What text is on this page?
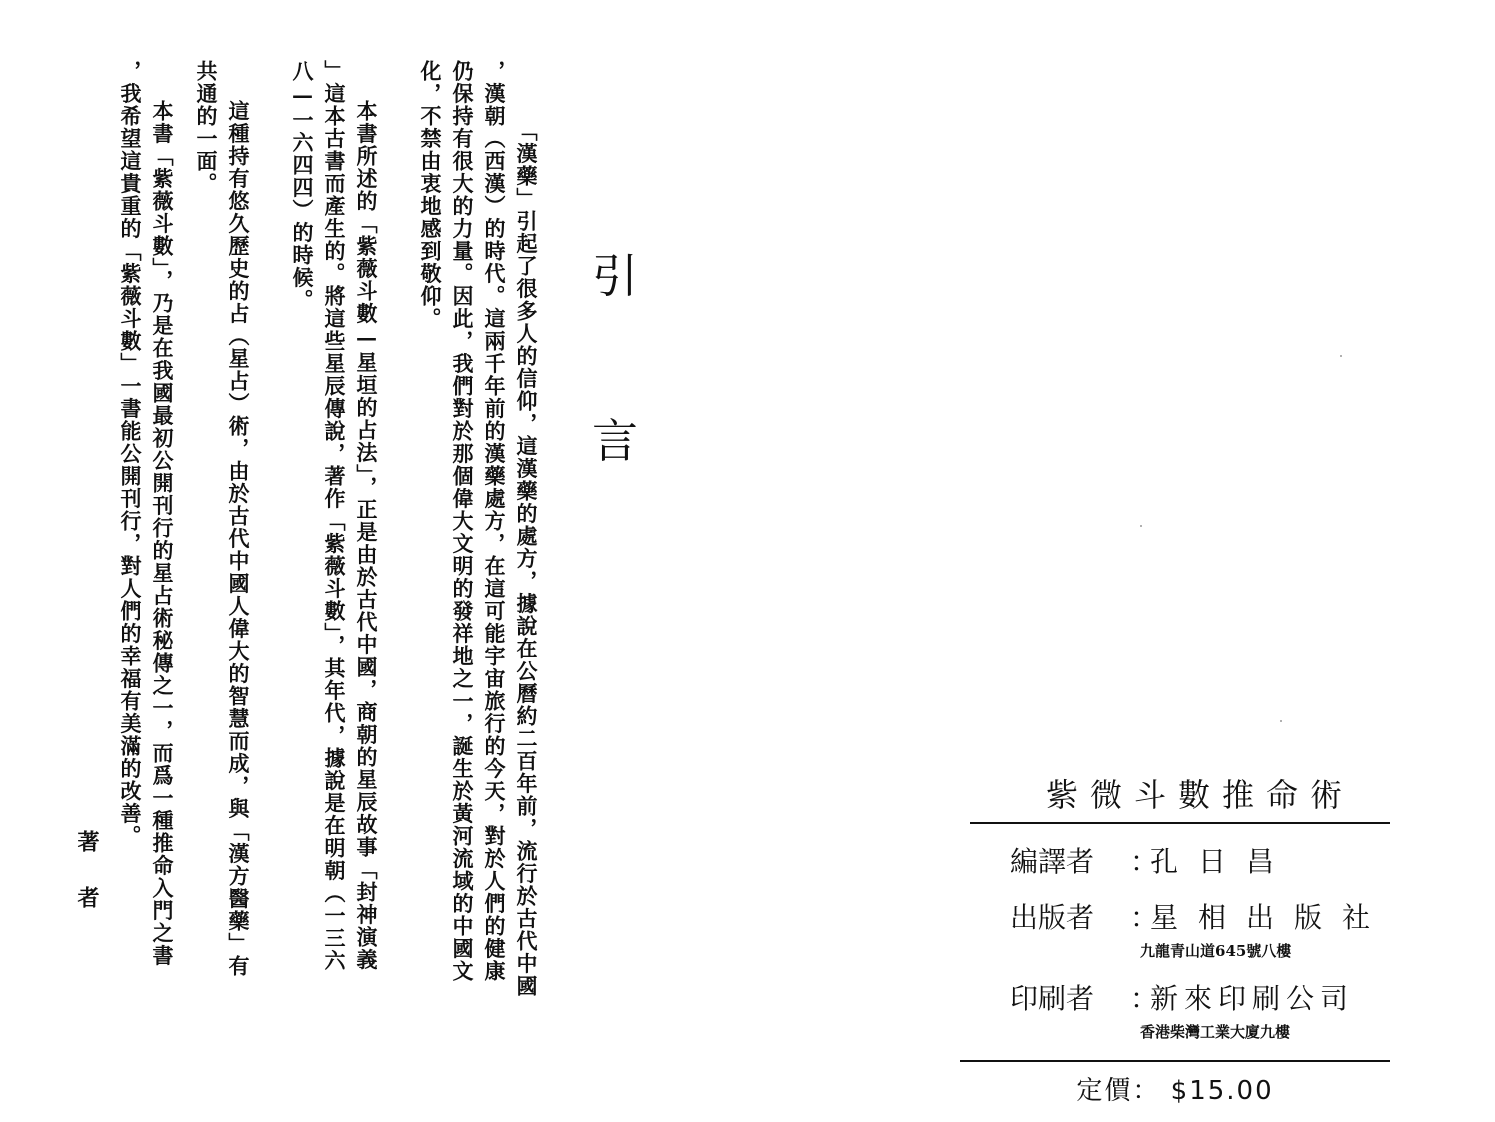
引
言
「漢藥」引起了很多人的信仰，這漢藥的處方，據說在公曆約二百年前，流行於古代中國
，漢朝（西漢）的時代。這兩千年前的漢藥處方，在這可能宇宙旅行的今天，對於人們的健康
仍保持有很大的力量。因此，我們對於那個偉大文明的發祥地之一，誕生於黃河流域的中國文
化，不禁由衷地感到敬仰。
本書所述的「紫薇斗數—星垣的占法」，正是由於古代中國，商朝的星辰故事「封神演義
」這本古書而產生的。將這些星辰傳說，著作「紫薇斗數」，其年代，據說是在明朝（一三六
八—一六四四）的時候。
這種持有悠久歷史的占（星占）術，由於古代中國人偉大的智慧而成，與「漢方醫藥」有
共通的一面。
本書「紫薇斗數」，乃是在我國最初公開刊行的星占術秘傳之一，而爲一種推命入門之書
，我希望這貴重的「紫薇斗數」一書能公開刊行，對人們的幸福有美滿的改善。
著者
紫微斗數推命術
編譯者	：
孔日昌
出版者	：
星相出版社
九龍青山道645號八樓
印刷者	：
新來印刷公司
香港柴灣工業大廈九樓
定價： $15.00
